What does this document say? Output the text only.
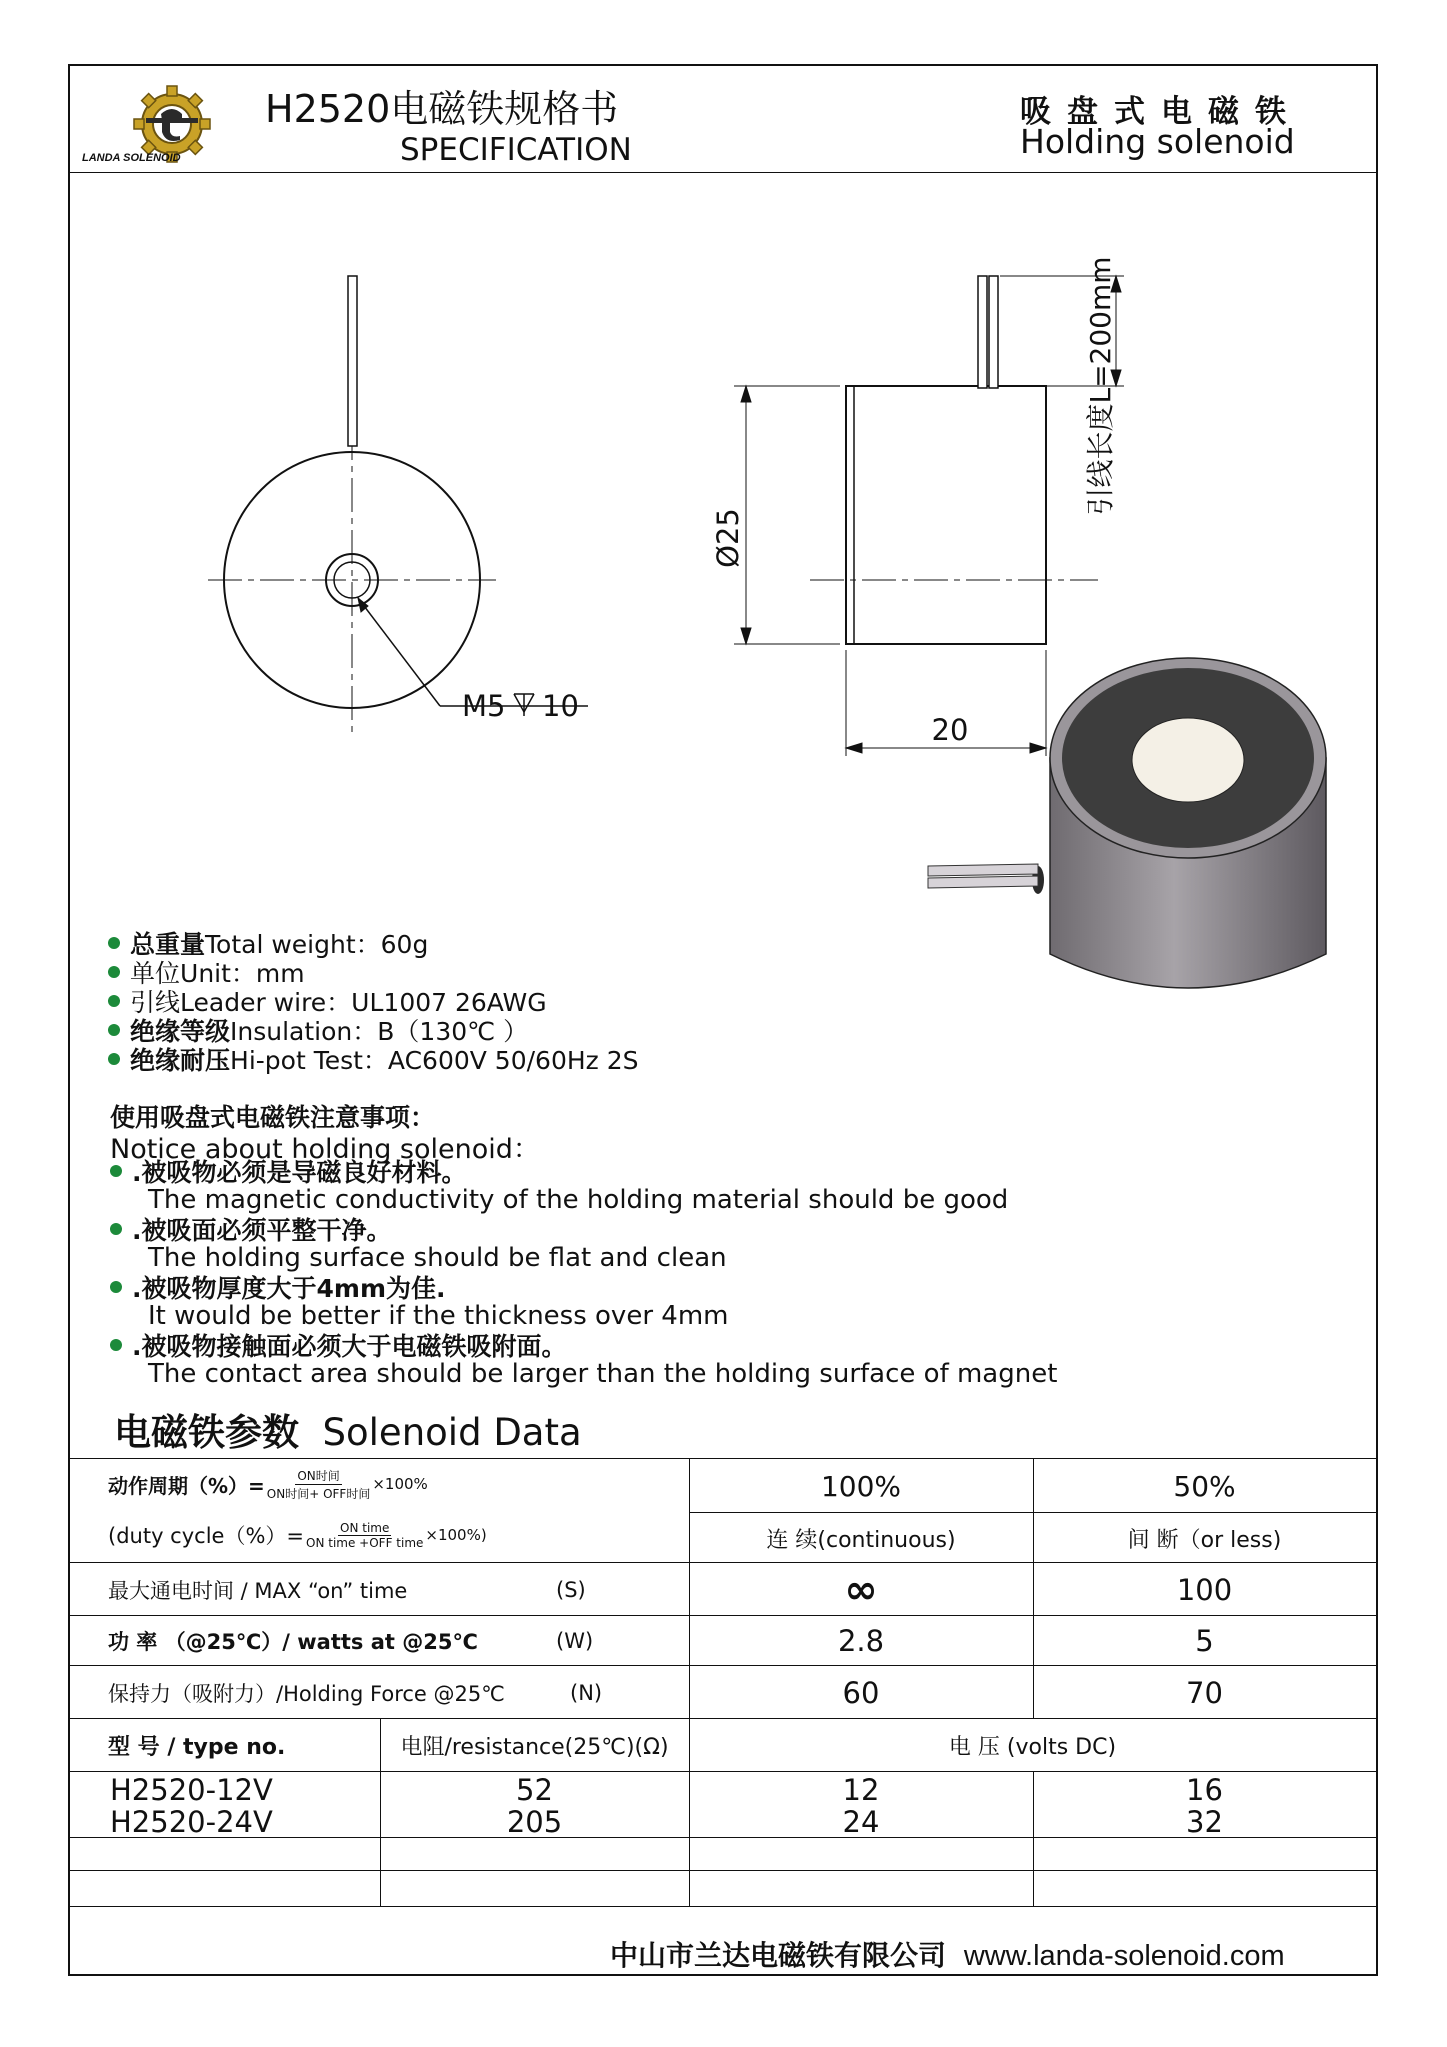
LANDA SOLENOID
H2520电磁铁规格书
SPECIFICATION
吸盘式电磁铁
Holding solenoid
M5 10
Ø25
20
引线长度L=200mm
总重量 Total weight：60g
单位 Unit：mm
引线 Leader wire：UL1007 26AWG
绝缘等级 Insulation：B（130℃ ）
绝缘耐压 Hi-pot Test：AC600V 50/60Hz 2S
使用吸盘式电磁铁注意事项：
Notice about holding solenoid：
.被吸物必须是导磁良好材料。
The magnetic conductivity of the holding material should be good
.被吸面必须平整干净。
The holding surface should be flat and clean
.被吸物厚度大于4mm为佳.
It would be better if the thickness over 4mm
.被吸物接触面必须大于电磁铁吸附面。
The contact area should be larger than the holding surface of magnet
电磁铁参数 Solenoid Data
动作周期（%）= $\frac{\text{ON时间}}{\text{ON时间+ OFF时间}} \times 100\%$
(duty cycle（%）= $\frac{\text{ON time}}{\text{ON time +OFF time}} \times 100\%$)
100%	50%
连 续(continuous)	间 断（or less)
最大通电时间 / MAX “on” time	(S)	∞	100
功 率 （@25℃）/ watts at @25℃	(W)	2.8	5
保持力（吸附力）/Holding Force @25℃	(N)	60	70
型 号 / type no.	电阻/resistance(25℃)(Ω)	电 压 (volts DC)
H2520-12V	52	12	16
H2520-24V	205	24	32
中山市兰达电磁铁有限公司 www.landa-solenoid.com
